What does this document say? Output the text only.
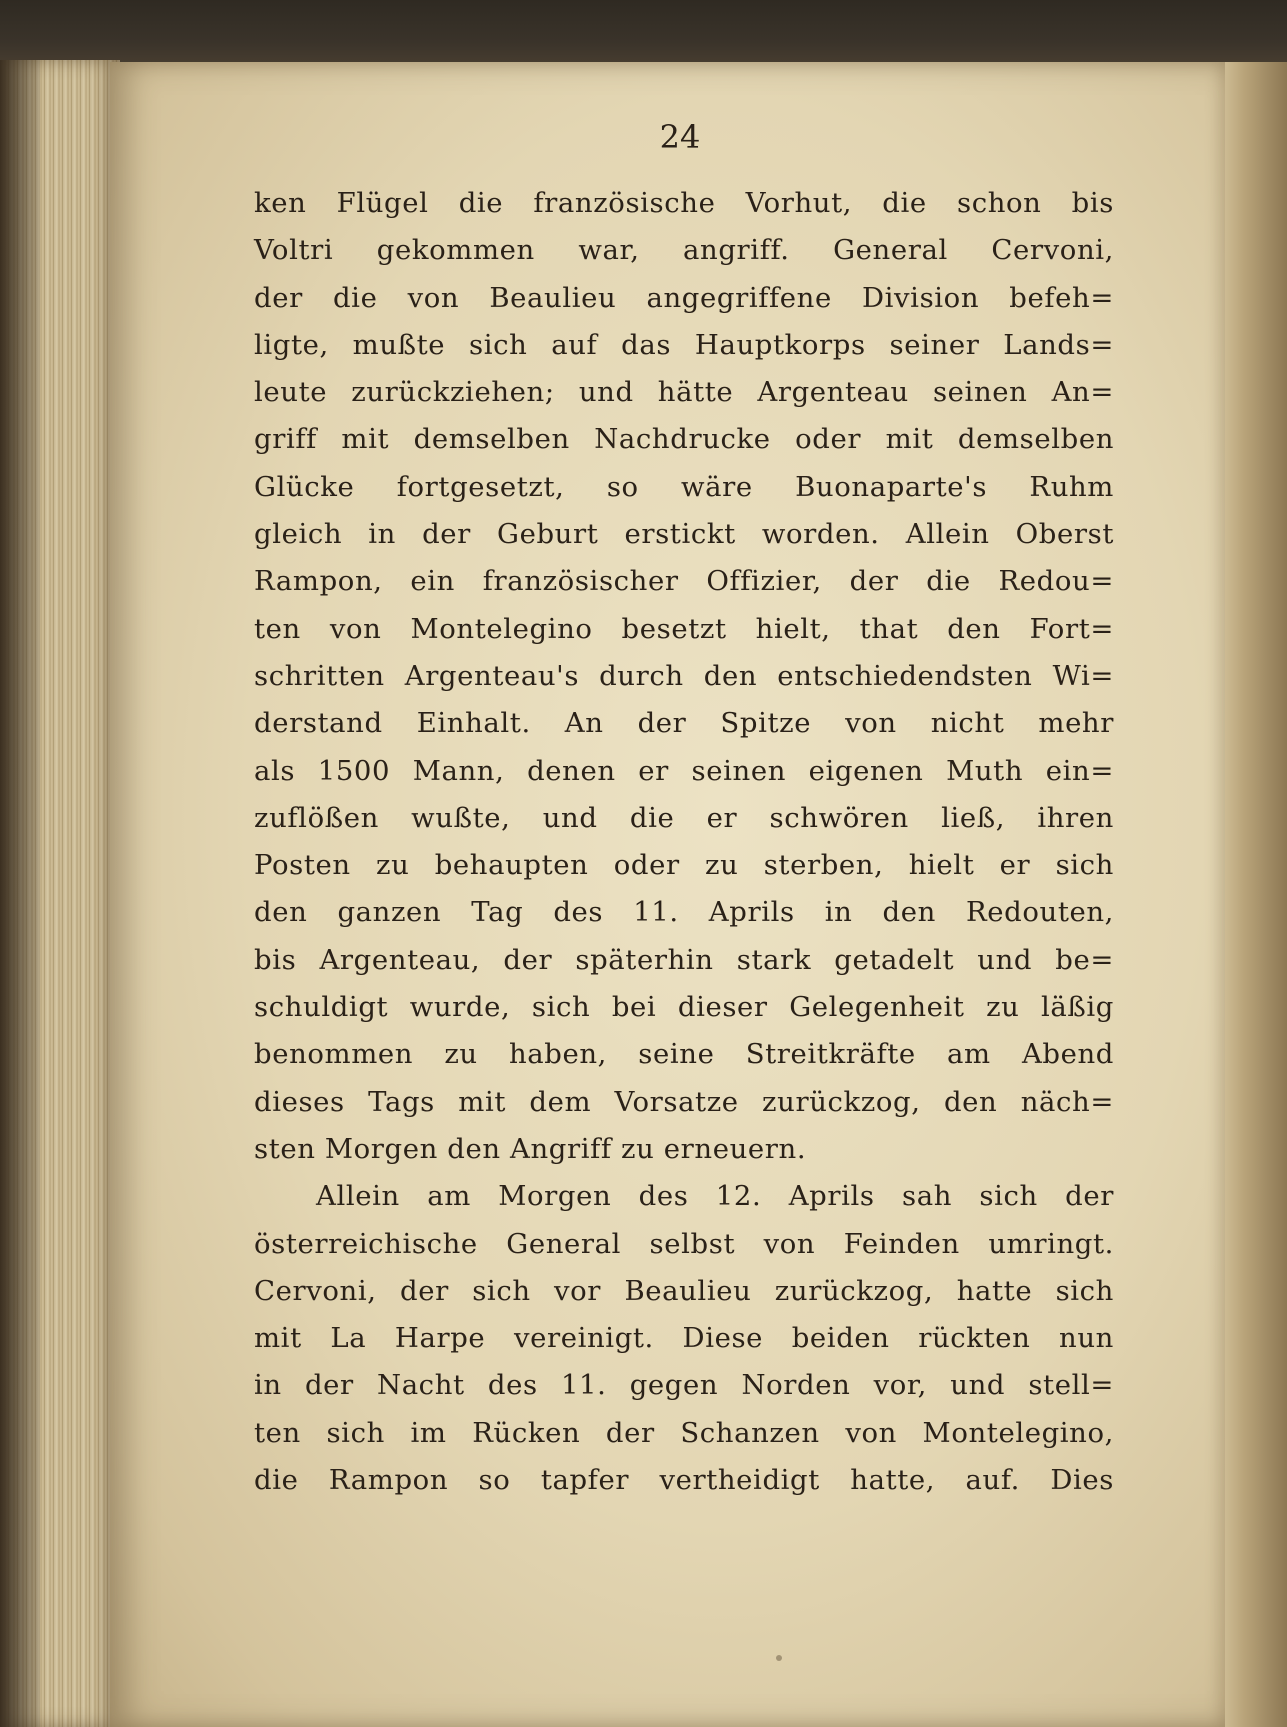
24
ken Flügel die französische Vorhut, die schon bis
Voltri gekommen war, angriff. General Cervoni,
der die von Beaulieu angegriffene Division befeh=
ligte, mußte sich auf das Hauptkorps seiner Lands=
leute zurückziehen; und hätte Argenteau seinen An=
griff mit demselben Nachdrucke oder mit demselben
Glücke fortgesetzt, so wäre Buonaparte's Ruhm
gleich in der Geburt erstickt worden. Allein Oberst
Rampon, ein französischer Offizier, der die Redou=
ten von Montelegino besetzt hielt, that den Fort=
schritten Argenteau's durch den entschiedendsten Wi=
derstand Einhalt. An der Spitze von nicht mehr
als 1500 Mann, denen er seinen eigenen Muth ein=
zuflößen wußte, und die er schwören ließ, ihren
Posten zu behaupten oder zu sterben, hielt er sich
den ganzen Tag des 11. Aprils in den Redouten,
bis Argenteau, der späterhin stark getadelt und be=
schuldigt wurde, sich bei dieser Gelegenheit zu läßig
benommen zu haben, seine Streitkräfte am Abend
dieses Tags mit dem Vorsatze zurückzog, den näch=
sten Morgen den Angriff zu erneuern.
Allein am Morgen des 12. Aprils sah sich der
österreichische General selbst von Feinden umringt.
Cervoni, der sich vor Beaulieu zurückzog, hatte sich
mit La Harpe vereinigt. Diese beiden rückten nun
in der Nacht des 11. gegen Norden vor, und stell=
ten sich im Rücken der Schanzen von Montelegino,
die Rampon so tapfer vertheidigt hatte, auf. Dies
